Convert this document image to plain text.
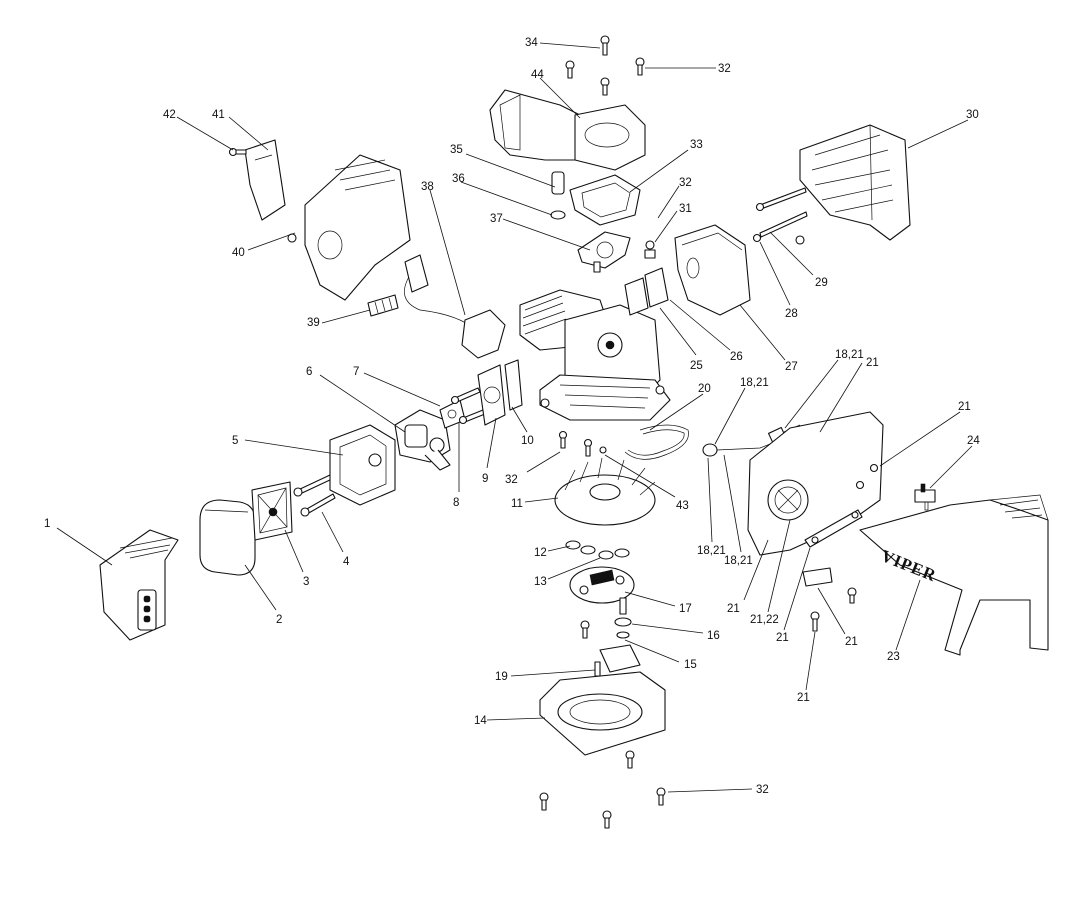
VIPER
1
2
3
4
5
6	7
8
9
10
11
12
13
14
15
16
17
19
20
21
21
21	21
21
21
18,21
18,21
18,21
18,21
21,22
23
24
25
26
27
28
29
30
31
32
32
32
32
33
34
35
36
37
38
39
40
41
42
43
44
